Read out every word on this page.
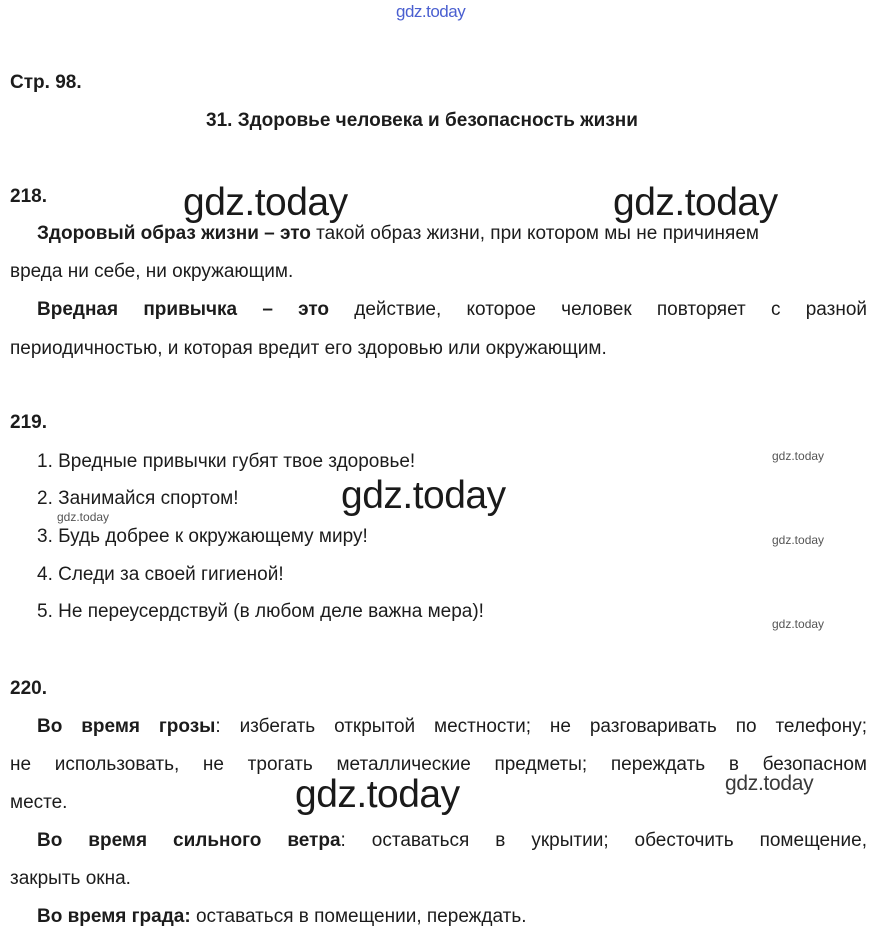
gdz.today
Стр. 98.
31. Здоровье человека и безопасность жизни
218.	gdz.today	gdz.today
Здоровый образ жизни – это такой образ жизни, при котором мы не причиняем
вреда ни себе, ни окружающим.
Вредная привычка – это действие, которое человек повторяет с разной
периодичностью, и которая вредит его здоровью или окружающим.
219.
1. Вредные привычки губят твое здоровье!	gdz.today
2. Занимайся спортом!	gdz.today
gdz.today
3. Будь добрее к окружающему миру!	gdz.today
4. Следи за своей гигиеной!
5. Не переусердствуй (в любом деле важна мера)!
gdz.today
220.
Во время грозы: избегать открытой местности; не разговаривать по телефону;
не использовать, не трогать металлические предметы; переждать в безопасном
месте.	gdz.today	gdz.today
Во время сильного ветра: оставаться в укрытии; обесточить помещение,
закрыть окна.
Во время града: оставаться в помещении, переждать.
